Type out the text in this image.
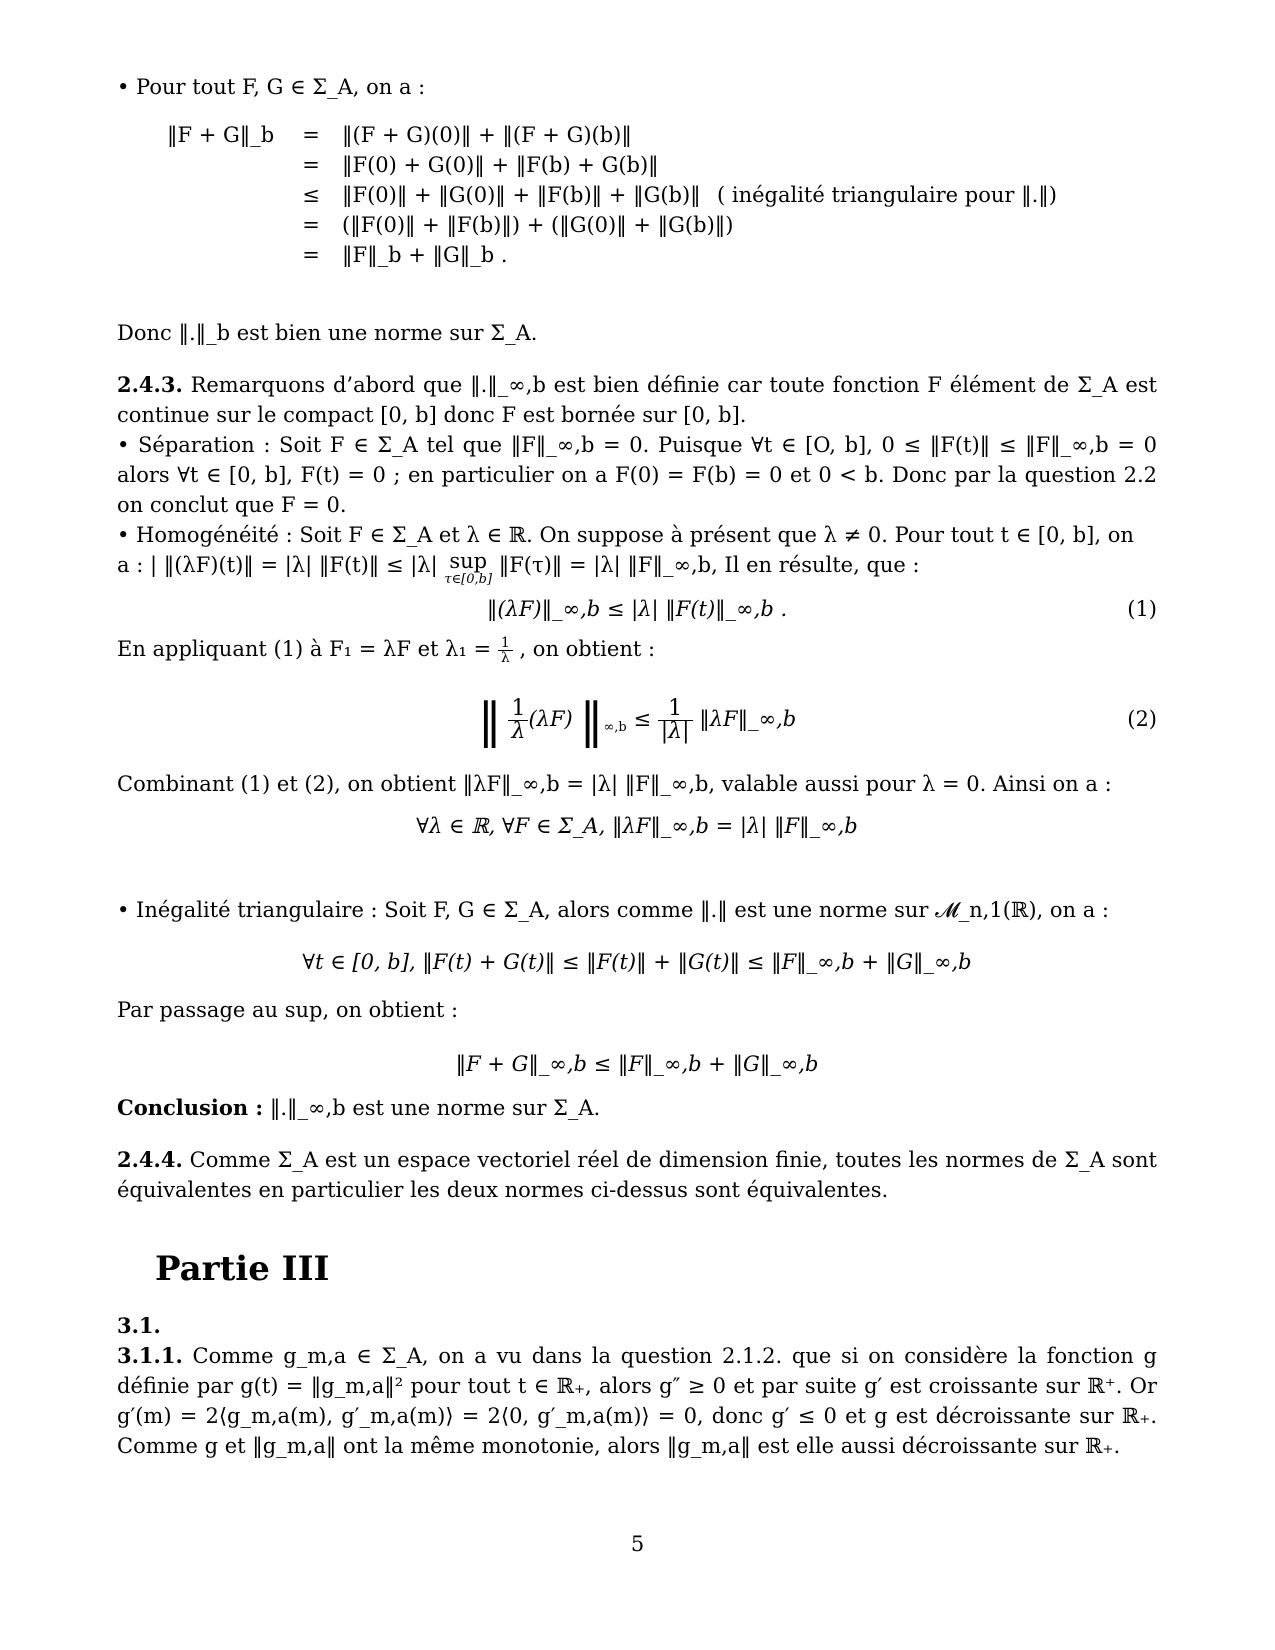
• Pour tout F, G ∈ Σ_A, on a :

‖F + G‖_b = ‖(F + G)(0)‖ + ‖(F + G)(b)‖
= ‖F(0) + G(0)‖ + ‖F(b) + G(b)‖
≤ ‖F(0)‖ + ‖G(0)‖ + ‖F(b)‖ + ‖G(b)‖ ( inégalité triangulaire pour ‖.‖)
= (‖F(0)‖ + ‖F(b)‖) + (‖G(0)‖ + ‖G(b)‖)
= ‖F‖_b + ‖G‖_b .

Donc ‖.‖_b est bien une norme sur Σ_A.

2.4.3. Remarquons d’abord que ‖.‖_∞,b est bien définie car toute fonction F élément de Σ_A est continue sur le compact [0, b] donc F est bornée sur [0, b].

• Séparation : Soit F ∈ Σ_A tel que ‖F‖_∞,b = 0. Puisque ∀t ∈ [O, b], 0 ≤ ‖F(t)‖ ≤ ‖F‖_∞,b = 0 alors ∀t ∈ [0, b], F(t) = 0 ; en particulier on a F(0) = F(b) = 0 et 0 < b. Donc par la question 2.2 on conclut que F = 0.

• Homogénéité : Soit F ∈ Σ_A et λ ∈ ℝ. On suppose à présent que λ ≠ 0. Pour tout t ∈ [0, b], on

a : | ‖(λF)(t)‖ = |λ| ‖F(t)‖ ≤ |λ| sup
τ∈[0,b]
‖F(τ)‖ = |λ| ‖F‖_∞,b, Il en résulte, que :

‖(λF)‖_∞,b ≤ |λ| ‖F(t)‖_∞,b .	(1)

En appliquant (1) à F₁ = λF et $\lambda_1 = \frac{1}{\lambda}$ , on obtient :

‖ $\frac{1}{\lambda} (\lambda F)$ $‖_{\infty,b} \le \frac{1}{|\lambda|}$ ‖λF‖_∞,b	(2)

Combinant (1) et (2), on obtient ‖λF‖_∞,b = |λ| ‖F‖_∞,b, valable aussi pour λ = 0. Ainsi on a :

∀λ ∈ ℝ, ∀F ∈ Σ_A, ‖λF‖_∞,b = |λ| ‖F‖_∞,b

• Inégalité triangulaire : Soit F, G ∈ Σ_A, alors comme ‖.‖ est une norme sur 𝓜_n,1(ℝ), on a :

∀t ∈ [0, b], ‖F(t) + G(t)‖ ≤ ‖F(t)‖ + ‖G(t)‖ ≤ ‖F‖_∞,b + ‖G‖_∞,b

Par passage au sup, on obtient :

‖F + G‖_∞,b ≤ ‖F‖_∞,b + ‖G‖_∞,b

Conclusion : ‖.‖_∞,b est une norme sur Σ_A.

2.4.4. Comme Σ_A est un espace vectoriel réel de dimension finie, toutes les normes de Σ_A sont équivalentes en particulier les deux normes ci-dessus sont équivalentes.

Partie III

3.1.

3.1.1. Comme g_m,a ∈ Σ_A, on a vu dans la question 2.1.2. que si on considère la fonction g définie par g(t) = ‖g_m,a‖² pour tout t ∈ ℝ₊, alors g″ ≥ 0 et par suite g′ est croissante sur ℝ⁺. Or g′(m) = 2⟨g_m,a(m), g′_m,a(m)⟩ = 2⟨0, g′_m,a(m)⟩ = 0, donc g′ ≤ 0 et g est décroissante sur ℝ₊. Comme g et ‖g_m,a‖ ont la même monotonie, alors ‖g_m,a‖ est elle aussi décroissante sur ℝ₊.

5
